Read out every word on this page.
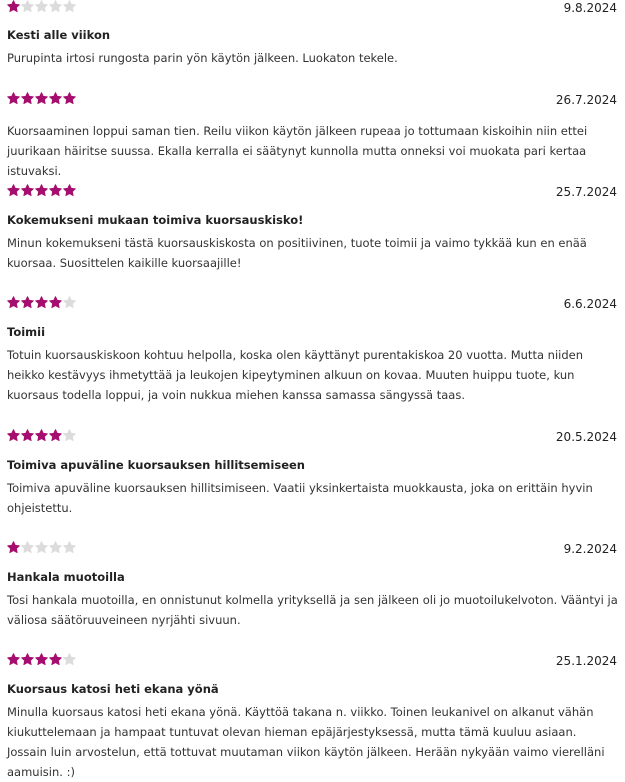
9.8.2024
Kesti alle viikon
Purupinta irtosi rungosta parin yön käytön jälkeen. Luokaton tekele.
26.7.2024
Kuorsaaminen loppui saman tien. Reilu viikon käytön jälkeen rupeaa jo tottumaan kiskoihin niin ettei juurikaan häiritse suussa. Ekalla kerralla ei säätynyt kunnolla mutta onneksi voi muokata pari kertaa istuvaksi.
25.7.2024
Kokemukseni mukaan toimiva kuorsauskisko!
Minun kokemukseni tästä kuorsauskiskosta on positiivinen, tuote toimii ja vaimo tykkää kun en enää kuorsaa. Suosittelen kaikille kuorsaajille!
6.6.2024
Toimii
Totuin kuorsauskiskoon kohtuu helpolla, koska olen käyttänyt purentakiskoa 20 vuotta. Mutta niiden heikko kestävyys ihmetyttää ja leukojen kipeytyminen alkuun on kovaa. Muuten huippu tuote, kun kuorsaus todella loppui, ja voin nukkua miehen kanssa samassa sängyssä taas.
20.5.2024
Toimiva apuväline kuorsauksen hillitsemiseen
Toimiva apuväline kuorsauksen hillitsimiseen. Vaatii yksinkertaista muokkausta, joka on erittäin hyvin ohjeistettu.
9.2.2024
Hankala muotoilla
Tosi hankala muotoilla, en onnistunut kolmella yrityksellä ja sen jälkeen oli jo muotoilukelvoton. Vääntyi ja väliosa säätöruuveineen nyrjähti sivuun.
25.1.2024
Kuorsaus katosi heti ekana yönä
Minulla kuorsaus katosi heti ekana yönä. Käyttöä takana n. viikko. Toinen leukanivel on alkanut vähän kiukuttelemaan ja hampaat tuntuvat olevan hieman epäjärjestyksessä, mutta tämä kuuluu asiaan. Jossain luin arvostelun, että tottuvat muutaman viikon käytön jälkeen. Herään nykyään vaimo vierelläni aamuisin. :)
